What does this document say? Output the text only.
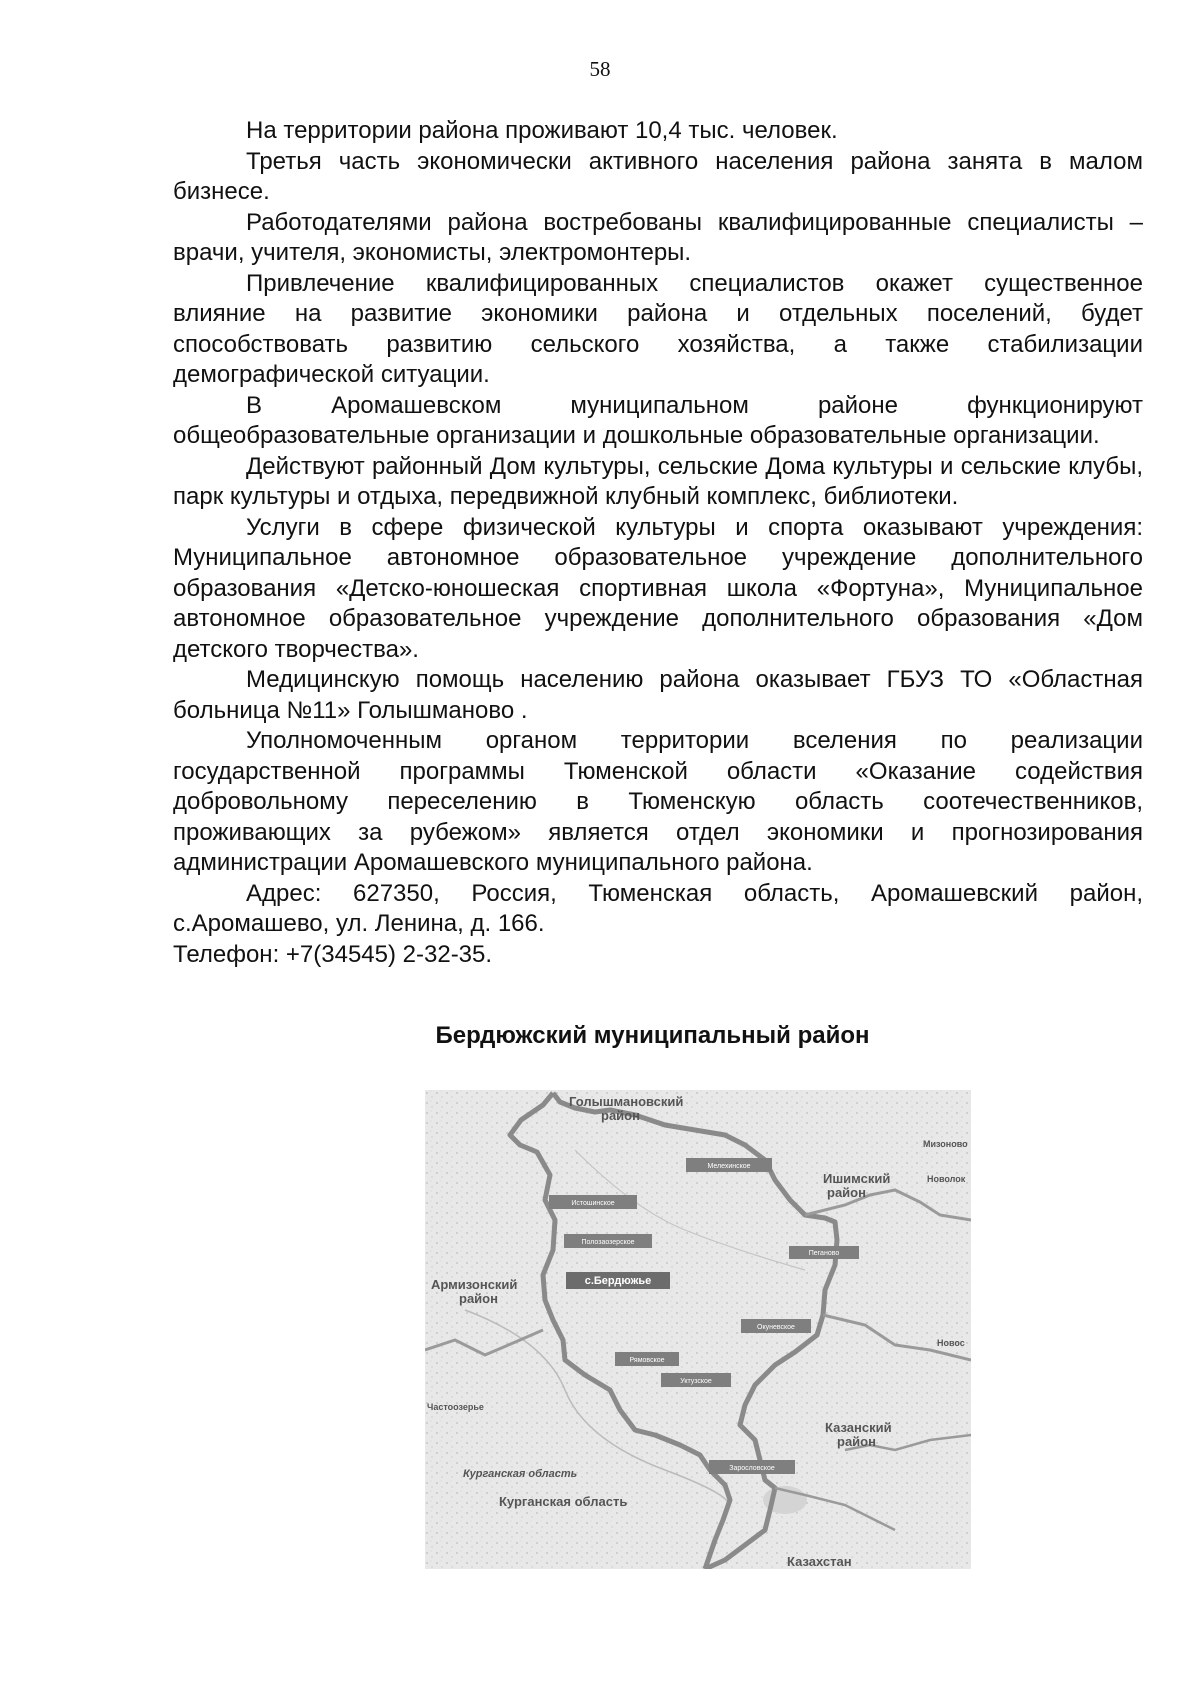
58

На территории района проживают 10,4 тыс. человек.

Третья часть экономически активного населения района занята в малом бизнесе.

Работодателями района востребованы квалифицированные специалисты – врачи, учителя, экономисты, электромонтеры.

Привлечение квалифицированных специалистов окажет существенное влияние на развитие экономики района и отдельных поселений, будет способствовать развитию сельского хозяйства, а также стабилизации демографической ситуации.

В Аромашевском муниципальном районе функционируют общеобразовательные организации и дошкольные образовательные организации.

Действуют районный Дом культуры, сельские Дома культуры и сельские клубы, парк культуры и отдыха, передвижной клубный комплекс, библиотеки.

Услуги в сфере физической культуры и спорта оказывают учреждения: Муниципальное автономное образовательное учреждение дополнительного образования «Детско-юношеская спортивная школа «Фортуна», Муниципальное автономное образовательное учреждение дополнительного образования «Дом детского творчества».

Медицинскую помощь населению района оказывает ГБУЗ ТО «Областная больница №11» Голышманово .

Уполномоченным органом территории вселения по реализации государственной программы Тюменской области «Оказание содействия добровольному переселению в Тюменскую область соотечественников, проживающих за рубежом» является отдел экономики и прогнозирования администрации Аромашевского муниципального района.

Адрес: 627350, Россия, Тюменская область, Аромашевский район, с.Аромашево, ул. Ленина, д. 166.

Телефон: +7(34545) 2-32-35.

Бердюжский муниципальный район
Голышмановский
район
Ишимский
район
Армизонский
район
Казанский
район
Курганская область
Курганская область
Казахстан
Мизоново
Новолок
Новос
Частоозерье
Мелехинское
Истошинское
Полозаозерское
с.Бердюжье
Пеганово
Окуневское
Рямовское
Уктузское
Зарословское
